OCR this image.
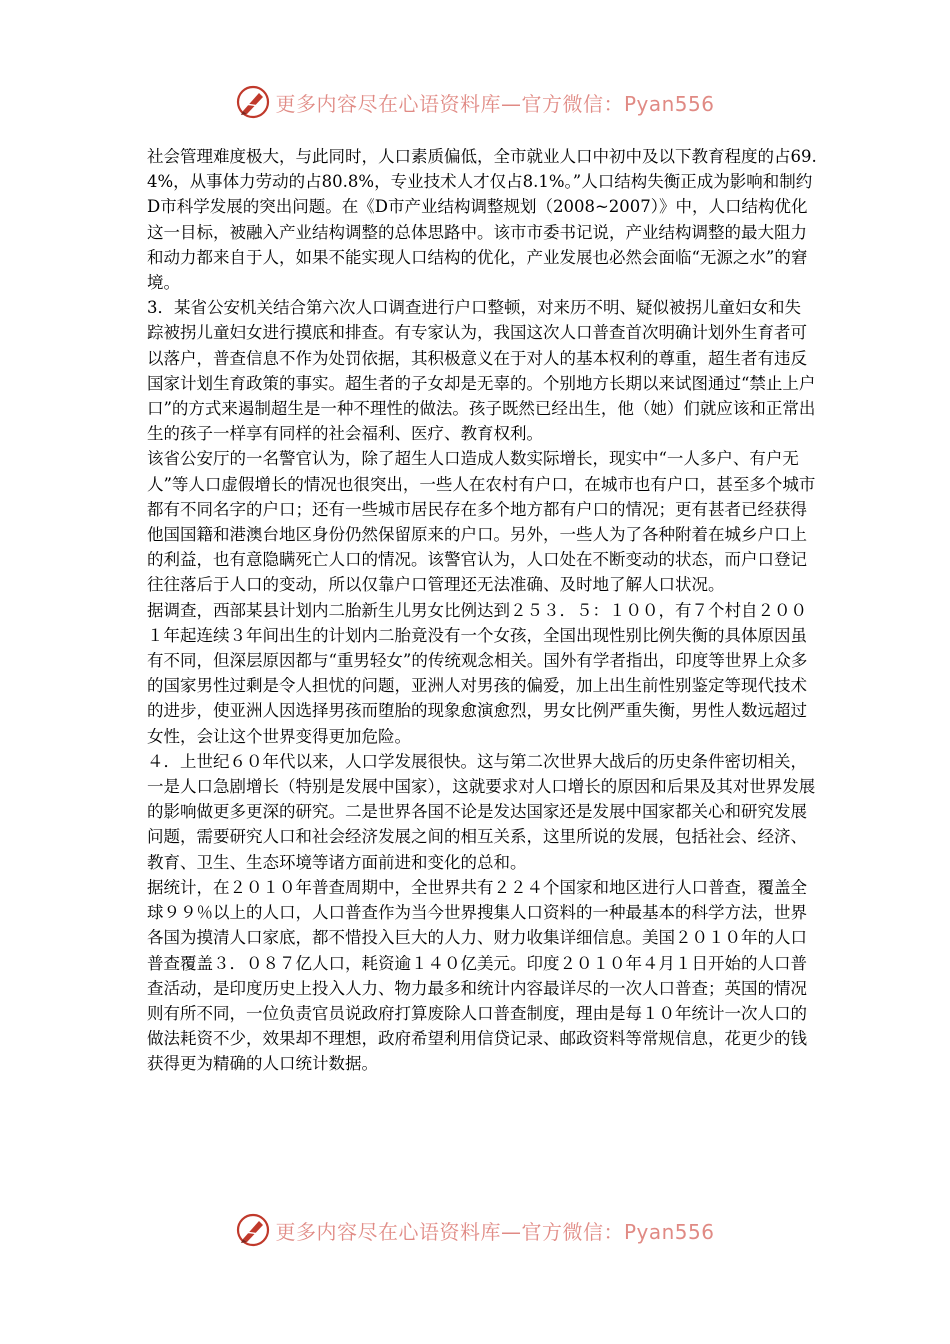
更多内容尽在心语资料库—官方微信：Pyan556

社会管理难度极大，与此同时，人口素质偏低，全市就业人口中初中及以下教育程度的占69.4%，从事体力劳动的占80.8%，专业技术人才仅占8.1%。”人口结构失衡正成为影响和制约D市科学发展的突出问题。在《D市产业结构调整规划（2008~2007）》中，人口结构优化这一目标，被融入产业结构调整的总体思路中。该市市委书记说，产业结构调整的最大阻力和动力都来自于人，如果不能实现人口结构的优化，产业发展也必然会面临“无源之水”的窘境。

3．某省公安机关结合第六次人口调查进行户口整顿，对来历不明、疑似被拐儿童妇女和失踪被拐儿童妇女进行摸底和排查。有专家认为，我国这次人口普查首次明确计划外生育者可以落户，普查信息不作为处罚依据，其积极意义在于对人的基本权利的尊重，超生者有违反国家计划生育政策的事实。超生者的子女却是无辜的。个别地方长期以来试图通过“禁止上户口”的方式来遏制超生是一种不理性的做法。孩子既然已经出生，他（她）们就应该和正常出生的孩子一样享有同样的社会福利、医疗、教育权利。

该省公安厅的一名警官认为，除了超生人口造成人数实际增长，现实中“一人多户、有户无人”等人口虚假增长的情况也很突出，一些人在农村有户口，在城市也有户口，甚至多个城市都有不同名字的户口；还有一些城市居民存在多个地方都有户口的情况；更有甚者已经获得他国国籍和港澳台地区身份仍然保留原来的户口。另外，一些人为了各种附着在城乡户口上的利益，也有意隐瞒死亡人口的情况。该警官认为，人口处在不断变动的状态，而户口登记往往落后于人口的变动，所以仅靠户口管理还无法准确、及时地了解人口状况。

据调查，西部某县计划内二胎新生儿男女比例达到２５３．５：１００，有７个村自２００１年起连续３年间出生的计划内二胎竟没有一个女孩，全国出现性别比例失衡的具体原因虽有不同，但深层原因都与“重男轻女”的传统观念相关。国外有学者指出，印度等世界上众多的国家男性过剩是令人担忧的问题，亚洲人对男孩的偏爱，加上出生前性别鉴定等现代技术的进步，使亚洲人因选择男孩而堕胎的现象愈演愈烈，男女比例严重失衡，男性人数远超过女性，会让这个世界变得更加危险。

４．上世纪６０年代以来，人口学发展很快。这与第二次世界大战后的历史条件密切相关，一是人口急剧增长（特别是发展中国家），这就要求对人口增长的原因和后果及其对世界发展的影响做更多更深的研究。二是世界各国不论是发达国家还是发展中国家都关心和研究发展问题，需要研究人口和社会经济发展之间的相互关系，这里所说的发展，包括社会、经济、教育、卫生、生态环境等诸方面前进和变化的总和。

据统计，在２０１０年普查周期中，全世界共有２２４个国家和地区进行人口普查，覆盖全球９９％以上的人口，人口普查作为当今世界搜集人口资料的一种最基本的科学方法，世界各国为摸清人口家底，都不惜投入巨大的人力、财力收集详细信息。美国２０１０年的人口普查覆盖３．０８７亿人口，耗资逾１４０亿美元。印度２０１０年４月１日开始的人口普查活动，是印度历史上投入人力、物力最多和统计内容最详尽的一次人口普查；英国的情况则有所不同，一位负责官员说政府打算废除人口普查制度，理由是每１０年统计一次人口的做法耗资不少，效果却不理想，政府希望利用信贷记录、邮政资料等常规信息，花更少的钱获得更为精确的人口统计数据。

更多内容尽在心语资料库—官方微信：Pyan556
